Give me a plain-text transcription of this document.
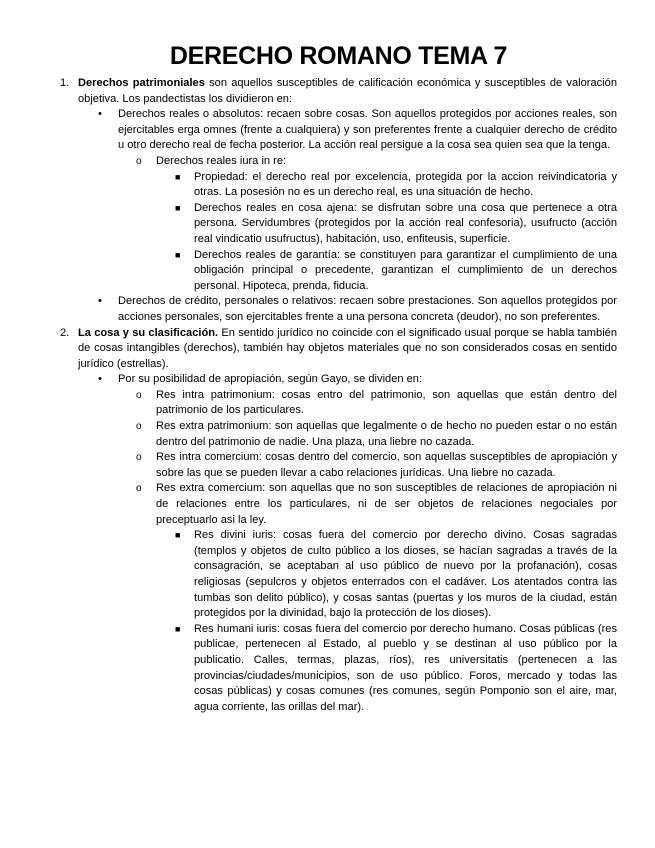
DERECHO ROMANO TEMA 7
1. Derechos patrimoniales son aquellos susceptibles de calificación económica y susceptibles de valoración objetiva. Los pandectistas los dividieron en:
• Derechos reales o absolutos: recaen sobre cosas. Son aquellos protegidos por acciones reales, son ejercitables erga omnes (frente a cualquiera) y son preferentes frente a cualquier derecho de crédito u otro derecho real de fecha posterior. La acción real persigue a la cosa sea quien sea que la tenga.
o Derechos reales iura in re:
■ Propiedad: el derecho real por excelencia, protegida por la accion reivindicatoria y otras. La posesión no es un derecho real, es una situación de hecho.
■ Derechos reales en cosa ajena: se disfrutan sobre una cosa que pertenece a otra persona. Servidumbres (protegidos por la acción real confesoria), usufructo (acción real vindicatio usufructus), habitación, uso, enfiteusis, superficie.
■ Derechos reales de garantía: se constituyen para garantizar el cumplimiento de una obligación principal o precedente, garantizan el cumplimiento de un derechos personal. Hipoteca, prenda, fiducia.
• Derechos de crédito, personales o relativos: recaen sobre prestaciones. Son aquellos protegidos por acciones personales, son ejercitables frente a una persona concreta (deudor), no son preferentes.
2. La cosa y su clasificación. En sentido jurídico no coincide con el significado usual porque se habla también de cosas intangibles (derechos), también hay objetos materiales que no son considerados cosas en sentido jurídico (estrellas).
• Por su posibilidad de apropiación, según Gayo, se dividen en:
o Res intra patrimonium: cosas entro del patrimonio, son aquellas que están dentro del patrimonio de los particulares.
o Res extra patrimonium: son aquellas que legalmente o de hecho no pueden estar o no están dentro del patrimonio de nadie. Una plaza, una liebre no cazada.
o Res intra comercium: cosas dentro del comercio, son aquellas susceptibles de apropiación y sobre las que se pueden llevar a cabo relaciones jurídicas. Una liebre no cazada.
o Res extra comercium: son aquellas que no son susceptibles de relaciones de apropiación ni de relaciones entre los particulares, ni de ser objetos de relaciones negociales por preceptuarlo asi la ley.
■ Res divini iuris: cosas fuera del comercio por derecho divino. Cosas sagradas (templos y objetos de culto público a los dioses, se hacían sagradas a través de la consagración, se aceptaban al uso público de nuevo por la profanación), cosas religiosas (sepulcros y objetos enterrados con el cadáver. Los atentados contra las tumbas son delito público), y cosas santas (puertas y los muros de la ciudad, están protegidos por la divinidad, bajo la protección de los dioses).
■ Res humani iuris: cosas fuera del comercio por derecho humano. Cosas públicas (res publicae, pertenecen al Estado, al pueblo y se destinan al uso público por la publicatio. Calles, termas, plazas, ríos), res universitatis (pertenecen a las provincias/ciudades/municipios, son de uso público. Foros, mercado y todas las cosas públicas) y cosas comunes (res comunes, según Pomponio son el aire, mar, agua corriente, las orillas del mar).
